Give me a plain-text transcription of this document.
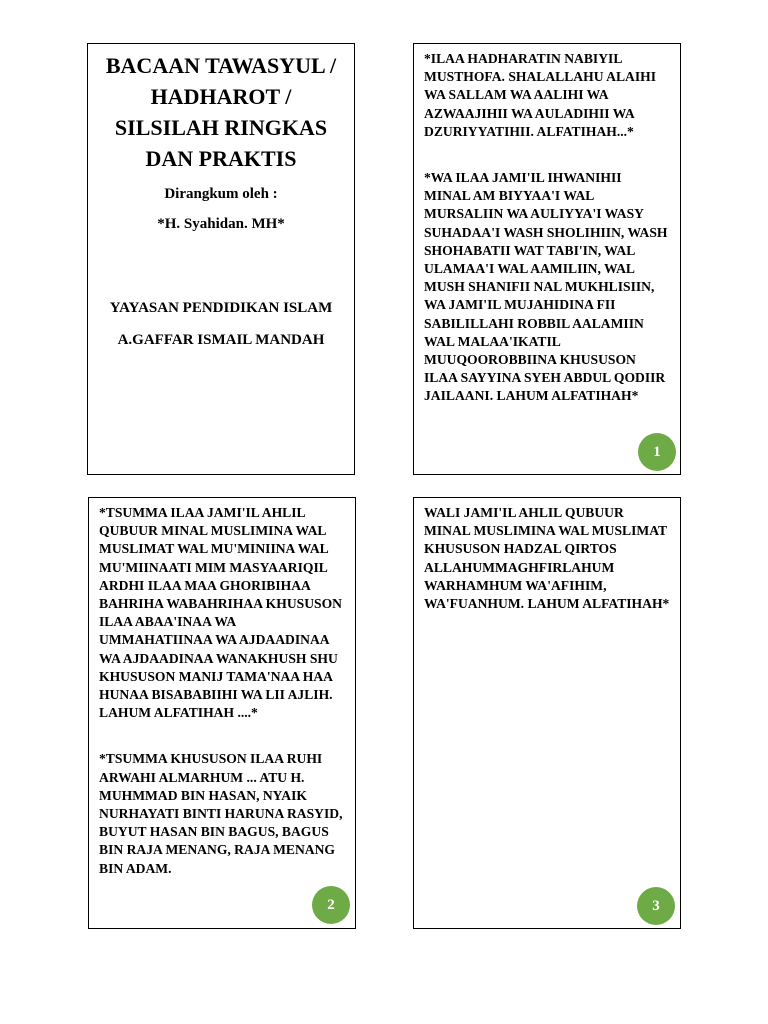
BACAAN TAWASYUL / HADHAROT / SILSILAH RINGKAS DAN PRAKTIS
Dirangkum oleh :
*H. Syahidan. MH*
YAYASAN PENDIDIKAN ISLAM
A.GAFFAR ISMAIL MANDAH
*ILAA HADHARATIN NABIYIL MUSTHOFA. SHALALLAHU ALAIHI WA SALLAM WA AALIHI WA AZWAAJIHII WA AULADIHII WA DZURIYYATIHII. ALFATIHAH...*
*WA ILAA JAMI'IL IHWANIHII MINAL AM BIYYAA'I WAL MURSALIIN WA AULIYYA'I WASY SUHADAA'I WASH SHOLIHIIN, WASH SHOHABATII WAT TABI'IN, WAL ULAMAA'I WAL AAMILIIN, WAL MUSH SHANIFII NAL MUKHLISIIN, WA JAMI'IL MUJAHIDINA FII SABILILLAHI ROBBIL AALAMIIN WAL MALAA'IKATIL MUUQOOROBBIINA KHUSUSON ILAA SAYYINA SYEH ABDUL QODIIR JAILAANI. LAHUM ALFATIHAH*
1
*TSUMMA ILAA JAMI'IL AHLIL QUBUUR MINAL MUSLIMINA WAL MUSLIMAT WAL MU'MINIINA WAL MU'MIINAATI MIM MASYAARIQIL ARDHI ILAA MAA GHORIBIHAA BAHRIHA WABAHRIHAA KHUSUSON ILAA ABAA'INAA WA UMMAHATIINAA WA AJDAADINAA WA AJDAADINAA WANAKHUSH SHU KHUSUSON MANIJ TAMA'NAA HAA HUNAA BISABABIIHI WA LII AJLIH. LAHUM ALFATIHAH ....*
*TSUMMA KHUSUSON ILAA RUHI ARWAHI ALMARHUM ... ATU H. MUHMMAD BIN HASAN, NYAIK NURHAYATI BINTI HARUNA RASYID, BUYUT HASAN BIN BAGUS, BAGUS BIN RAJA MENANG, RAJA MENANG BIN ADAM.
2
WALI JAMI'IL AHLIL QUBUUR MINAL MUSLIMINA WAL MUSLIMAT KHUSUSON HADZAL QIRTOS ALLAHUMMAGHFIRLAHUM WARHAMHUM WA'AFIHIM, WA'FUANHUM. LAHUM ALFATIHAH*
3
